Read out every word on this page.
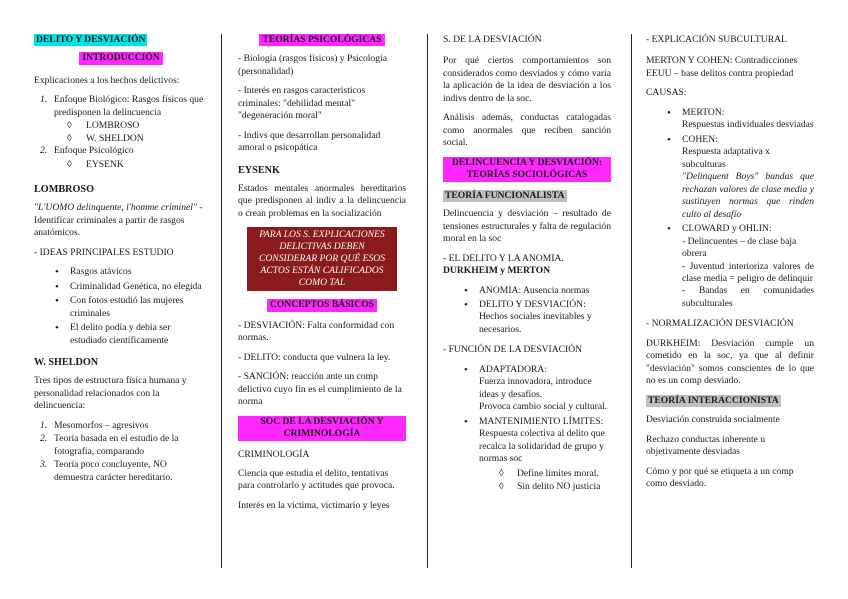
DELITO Y DESVIACIÓN
INTRODUCCIÓN

Explicaciones a los hechos delictivos:

1. Enfoque Biológico: Rasgos físicos que predisponen la delincuencia
◊ LOMBROSO
◊ W. SHELDON
2. Enfoque Psicológico
◊ EYSENK
LOMBROSO

"L'UOMO delinquente, l'homme criminel" - Identificar criminales a partir de rasgos anatómicos.

- IDEAS PRINCIPALES ESTUDIO

• Rasgos atávicos
• Criminalidad Genética, no elegida
• Con fotos estudió las mujeres criminales
• El delito podía y debía ser estudiado científicamente
W. SHELDON

Tres tipos de estructura física humana y personalidad relacionados con la delincuencia:

1. Mesomorfos – agresivos
2. Teoría basada en el estudio de la fotografía, comparando
3. Teoría poco concluyente, NO demuestra carácter hereditario.
TEORÍAS PSICOLÓGICAS

- Biología (rasgos físicos) y Psicología (personalidad)

- Interés en rasgos característicos criminales: "debilidad mental" "degeneración moral"

- Indivs que desarrollan personalidad amoral o psicopática

EYSENK

Estados mentales anormales hereditarios que predisponen al indiv a la delincuencia o crean problemas en la socialización

PARA LOS S. EXPLICACIONES DELICTIVAS DEBEN CONSIDERAR POR QUÉ ESOS ACTOS ESTÁN CALIFICADOS COMO TAL
CONCEPTOS BÁSICOS

- DESVIACIÓN: Falta conformidad con normas.

- DELITO: conducta que vulnera la ley.

- SANCIÓN: reacción ante un comp delictivo cuyo fin es el cumplimiento de la norma

SOC DE LA DESVIACIÓN Y CRIMINOLOGÍA

CRIMINOLOGÍA

Ciencia que estudia el delito, tentativas para controlarlo y actitudes que provoca.

Interés en la víctima, victimario y leyes

S. DE LA DESVIACIÓN

Por qué ciertos comportamientos son considerados como desviados y cómo varía la aplicación de la idea de desviación a los indivs dentro de la soc.

Análisis además, conductas catalogadas como anormales que reciben sanción social.

DELINCUENCIA Y DESVIACIÓN: TEORÍAS SOCIOLÓGICAS
TEORÍA FUNCIONALISTA

Delincuencia y desviación – resultado de tensiones estructurales y falta de regulación moral en la soc

- EL DELITO Y LA ANOMIA.
DURKHEIM y MERTON

• ANOMIA: Ausencia normas
• DELITO Y DESVIACIÓN:
Hechos sociales inevitables y necesarios.

- FUNCIÓN DE LA DESVIACIÓN

• ADAPTADORA:
Fuerza innovadora, introduce ideas y desafíos.
Provoca cambio social y cultural.
• MANTENIMIENTO LÍMITES:
Respuesta colectiva al delito que recalca la solidaridad de grupo y normas soc
◊ Define límites moral.
◊ Sin delito NO justicia

- EXPLICACIÓN SUBCULTURAL

MERTON Y COHEN: Contradicciones EEUU – base delitos contra propiedad

CAUSAS:

• MERTON:
Respuestas individuales desviadas
• COHEN:
Respuesta adaptativa x subculturas

"Delinquent Boys" bandas que rechazan valores de clase media y sustituyen normas que rinden culto al desafío
• CLOWARD y OHLIN:
- Delincuentes – de clase baja obrera

- Juventud interioriza valores de clase media = peligro de delinquir
- Bandas en comunidades subculturales

- NORMALIZACIÓN DESVIACIÓN

DURKHEIM: Desviación cumple un cometido en la soc, ya que al definir "desviación" somos conscientes de lo que no es un comp desviado.

TEORÍA INTERACCIONISTA

Desviación construida socialmente

Rechazo conductas inherente u objetivamente desviadas

Cómo y por qué se etiqueta a un comp como desviado.
